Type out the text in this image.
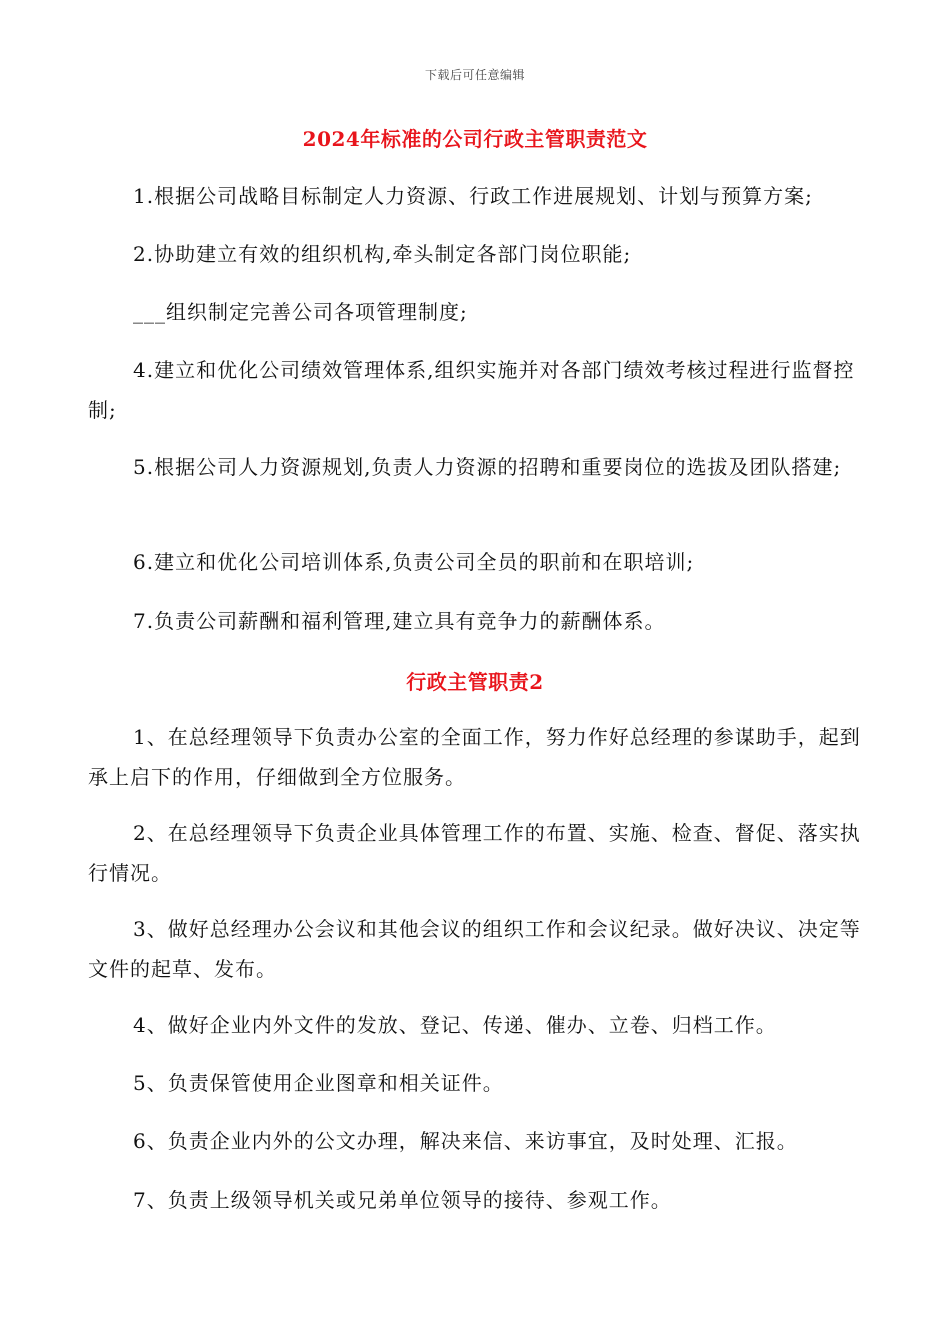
下载后可任意编辑
2024年标准的公司行政主管职责范文
1.根据公司战略目标制定人力资源、行政工作进展规划、计划与预算方案;
2.协助建立有效的组织机构,牵头制定各部门岗位职能;
___组织制定完善公司各项管理制度;
4.建立和优化公司绩效管理体系,组织实施并对各部门绩效考核过程进行监督控制;
5.根据公司人力资源规划,负责人力资源的招聘和重要岗位的选拔及团队搭建;
6.建立和优化公司培训体系,负责公司全员的职前和在职培训;
7.负责公司薪酬和福利管理,建立具有竞争力的薪酬体系。
行政主管职责2
1、在总经理领导下负责办公室的全面工作，努力作好总经理的参谋助手，起到承上启下的作用，仔细做到全方位服务。
2、在总经理领导下负责企业具体管理工作的布置、实施、检查、督促、落实执行情况。
3、做好总经理办公会议和其他会议的组织工作和会议纪录。做好决议、决定等文件的起草、发布。
4、做好企业内外文件的发放、登记、传递、催办、立卷、归档工作。
5、负责保管使用企业图章和相关证件。
6、负责企业内外的公文办理，解决来信、来访事宜，及时处理、汇报。
7、负责上级领导机关或兄弟单位领导的接待、参观工作。
